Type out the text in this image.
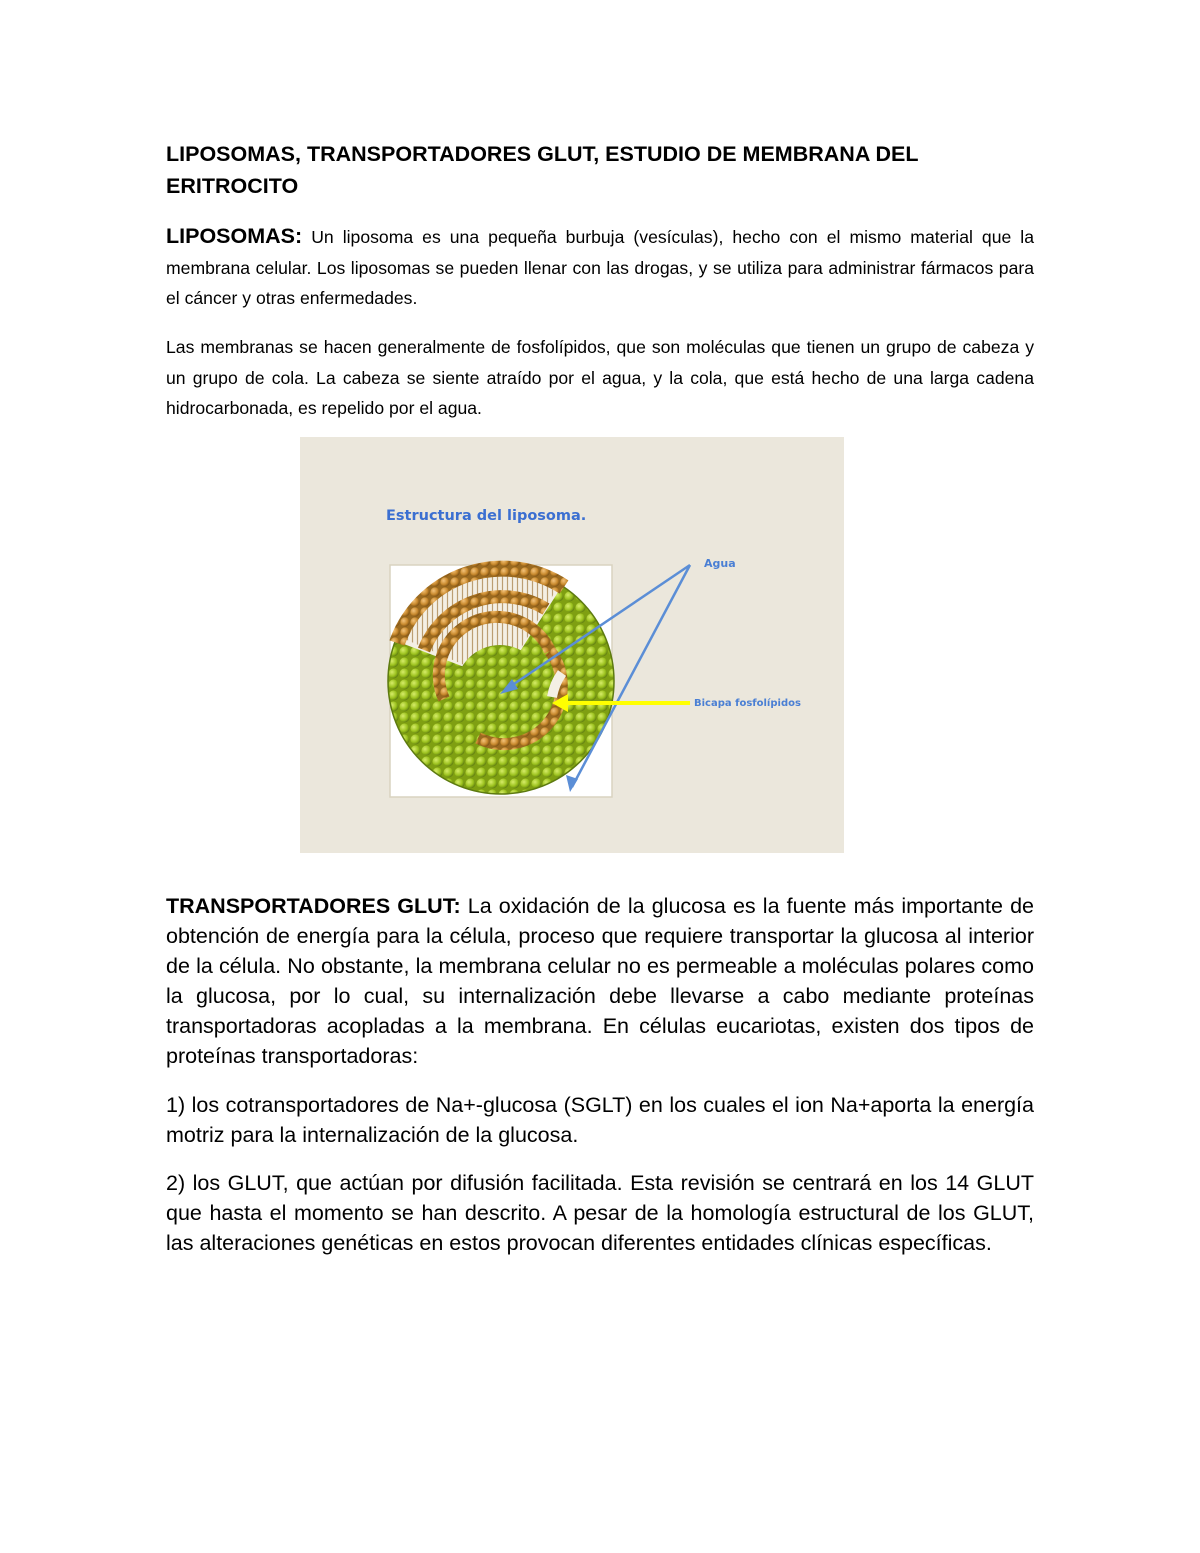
LIPOSOMAS, TRANSPORTADORES GLUT, ESTUDIO DE MEMBRANA DEL ERITROCITO

LIPOSOMAS: Un liposoma es una pequeña burbuja (vesículas), hecho con el mismo material que la membrana celular. Los liposomas se pueden llenar con las drogas, y se utiliza para administrar fármacos para el cáncer y otras enfermedades.

Las membranas se hacen generalmente de fosfolípidos, que son moléculas que tienen un grupo de cabeza y un grupo de cola. La cabeza se siente atraído por el agua, y la cola, que está hecho de una larga cadena hidrocarbonada, es repelido por el agua.

Estructura del liposoma.
Agua
Bicapa fosfolípidos

TRANSPORTADORES GLUT: La oxidación de la glucosa es la fuente más importante de obtención de energía para la célula, proceso que requiere transportar la glucosa al interior de la célula. No obstante, la membrana celular no es permeable a moléculas polares como la glucosa, por lo cual, su internalización debe llevarse a cabo mediante proteínas transportadoras acopladas a la membrana. En células eucariotas, existen dos tipos de proteínas transportadoras:

1) los cotransportadores de Na+-glucosa (SGLT) en los cuales el ion Na+aporta la energía motriz para la internalización de la glucosa.

2) los GLUT, que actúan por difusión facilitada. Esta revisión se centrará en los 14 GLUT que hasta el momento se han descrito. A pesar de la homología estructural de los GLUT, las alteraciones genéticas en estos provocan diferentes entidades clínicas específicas.
